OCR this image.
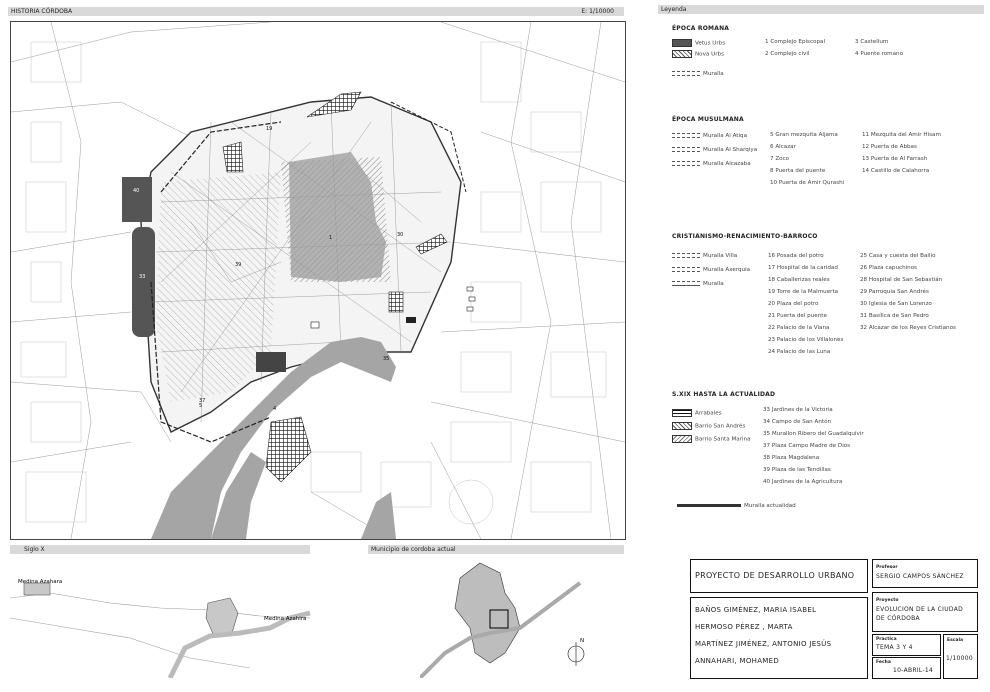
HISTORIA CÓRDOBA	E: 1/10000	Leyenda
40
33
19
39
1	30
5
35
4
37
ÉPOCA ROMANA
Vetus Urbs
Nova Urbs
Muralla
1 Complejo Episcopal
2 Complejo civil
3 Castellum
4 Puente romano
ÉPOCA MUSULMANA
Muralla Al Atiqa
Muralla Al Sharqiya
Muralla Alcazaba
5 Gran mezquita Aljama
6 Alcazar
7 Zoco
8 Puerta del puente
10 Puerta de Amir Qurashi
11 Mezquita del Amir Hisam
12 Puerta de Abbas
13 Puerta de Al Farrash
14 Castillo de Calahorra
CRISTIANISMO-RENACIMIENTO-BARROCO
Muralla Villa
Muralla Axerquia
Muralla
16 Posada del potro
17 Hospital de la caridad
18 Caballerizas reales
19 Torre de la Malmuerta
20 Plaza del potro
21 Puerta del puente
22 Palacio de la Viana
23 Palacio de los Villalones
24 Palacio de las Luna
25 Casa y cuesta del Bailio
26 Plaza capuchinos
28 Hospital de San Sebastián
29 Parroquia San Andrés
30 Iglesia de San Lorenzo
31 Basílica de San Pedro
32 Alcazar de los Reyes Cristianos
S.XIX HASTA LA ACTUALIDAD
Arrabales
Barrio San Andrés
Barrio Santa Marina
33 Jardines de la Victoria
34 Campo de San Antón
35 Murallon Ribero del Guadalquivir
37 Plaza Campo Madre de Dios
38 Plaza Magdalena
39 Plaza de las Tendillas
40 Jardines de la Agricultura
Muralla actualidad
Siglo X	Municipio de cordoba actual
Medina Azahara
Medina Azahira
N
PROYECTO DE DESARROLLO URBANO
BAÑOS GIMÉNEZ, MARIA ISABEL
HERMOSO PÉREZ , MARTA
MARTÍNEZ JIMÉNEZ, ANTONIO JESÚS
ANNAHARI, MOHAMED
Profesor
SERGIO CAMPOS SÁNCHEZ
Proyecto
EVOLUCION DE LA CIUDAD DE CÓRDOBA
Practica
TEMA 3 Y 4
Escala
1/10000
Fecha
10-ABRIL-14
